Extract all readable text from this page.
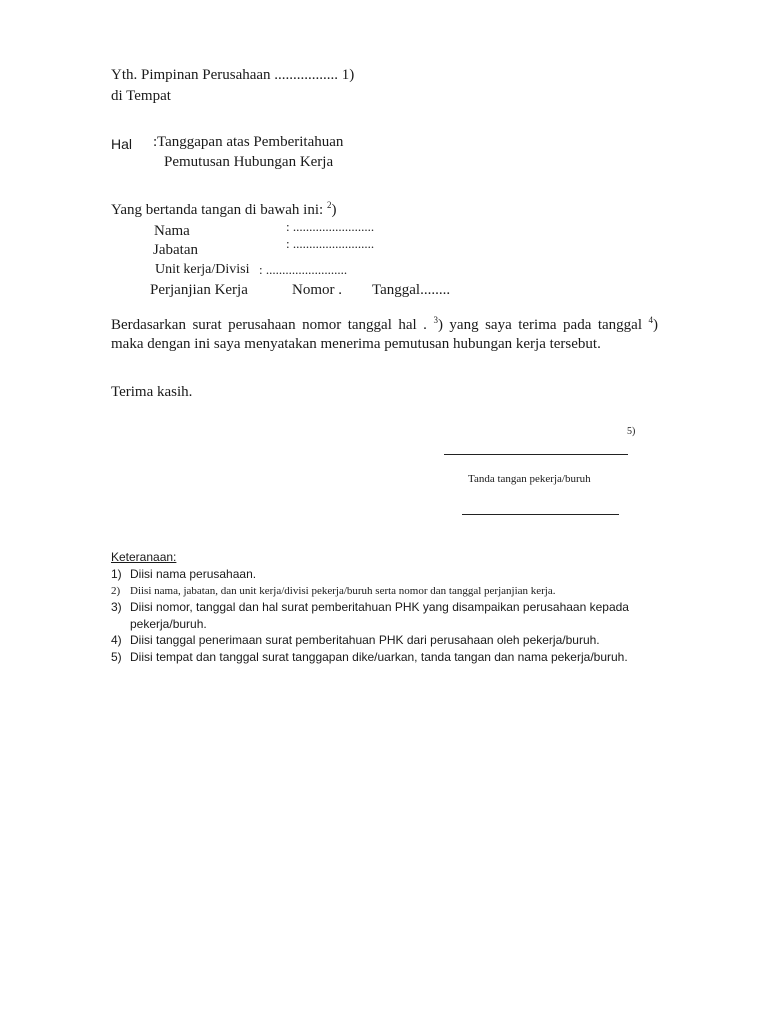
Yth. Pimpinan Perusahaan ................. 1)
di Tempat
Hal : Tanggapan atas Pemberitahuan
Pemutusan Hubungan Kerja
Yang bertanda tangan di bawah ini: $^2$)
Nama	: .........................
Jabatan	: .........................
Unit kerja/Divisi : .........................
Perjanjian Kerja	Nomor . Tanggal........
Berdasarkan surat perusahaan nomor tanggal hal . $^3$) yang saya terima pada tanggal $^4$) maka dengan ini saya menyatakan menerima pemutusan hubungan kerja tersebut.
Terima kasih.
5)
Tanda tangan pekerja/buruh
Keteranaan:
1) Diisi nama perusahaan.
2) Diisi nama, jabatan, dan unit kerja/divisi pekerja/buruh serta nomor dan tanggal perjanjian kerja.
3) Diisi nomor, tanggal dan hal surat pemberitahuan PHK yang disampaikan perusahaan kepada pekerja/buruh.
4) Diisi tanggal penerimaan surat pemberitahuan PHK dari perusahaan oleh pekerja/buruh.
5) Diisi tempat dan tanggal surat tanggapan dike/uarkan, tanda tangan dan nama pekerja/buruh.
